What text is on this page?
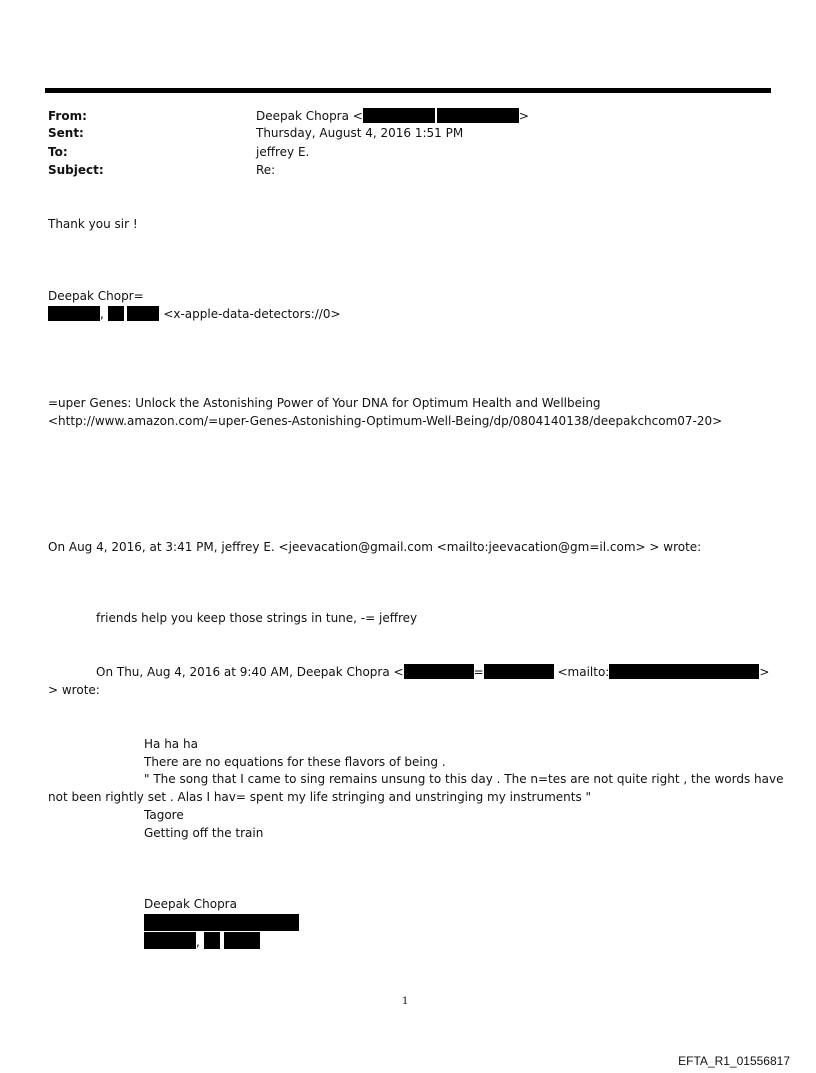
From:	Deepak Chopra <	>
Sent:	Thursday, August 4, 2016 1:51 PM
To:	jeffrey E.
Subject:	Re:
Thank you sir !
Deepak Chopr=
,	<x-apple-data-detectors://0>
=uper Genes: Unlock the Astonishing Power of Your DNA for Optimum Health and Wellbeing
<http://www.amazon.com/=uper-Genes-Astonishing-Optimum-Well-Being/dp/0804140138/deepakchcom07-20>
On Aug 4, 2016, at 3:41 PM, jeffrey E. <jeevacation@gmail.com <mailto:jeevacation@gm=il.com> > wrote:
friends help you keep those strings in tune, -= jeffrey
On Thu, Aug 4, 2016 at 9:40 AM, Deepak Chopra <	=	<mailto:	>
> wrote:
Ha ha ha
There are no equations for these flavors of being .
" The song that I came to sing remains unsung to this day . The n=tes are not quite right , the words have
not been rightly set . Alas I hav= spent my life stringing and unstringing my instruments "
Tagore
Getting off the train
Deepak Chopra
,
1
EFTA_R1_01556817
